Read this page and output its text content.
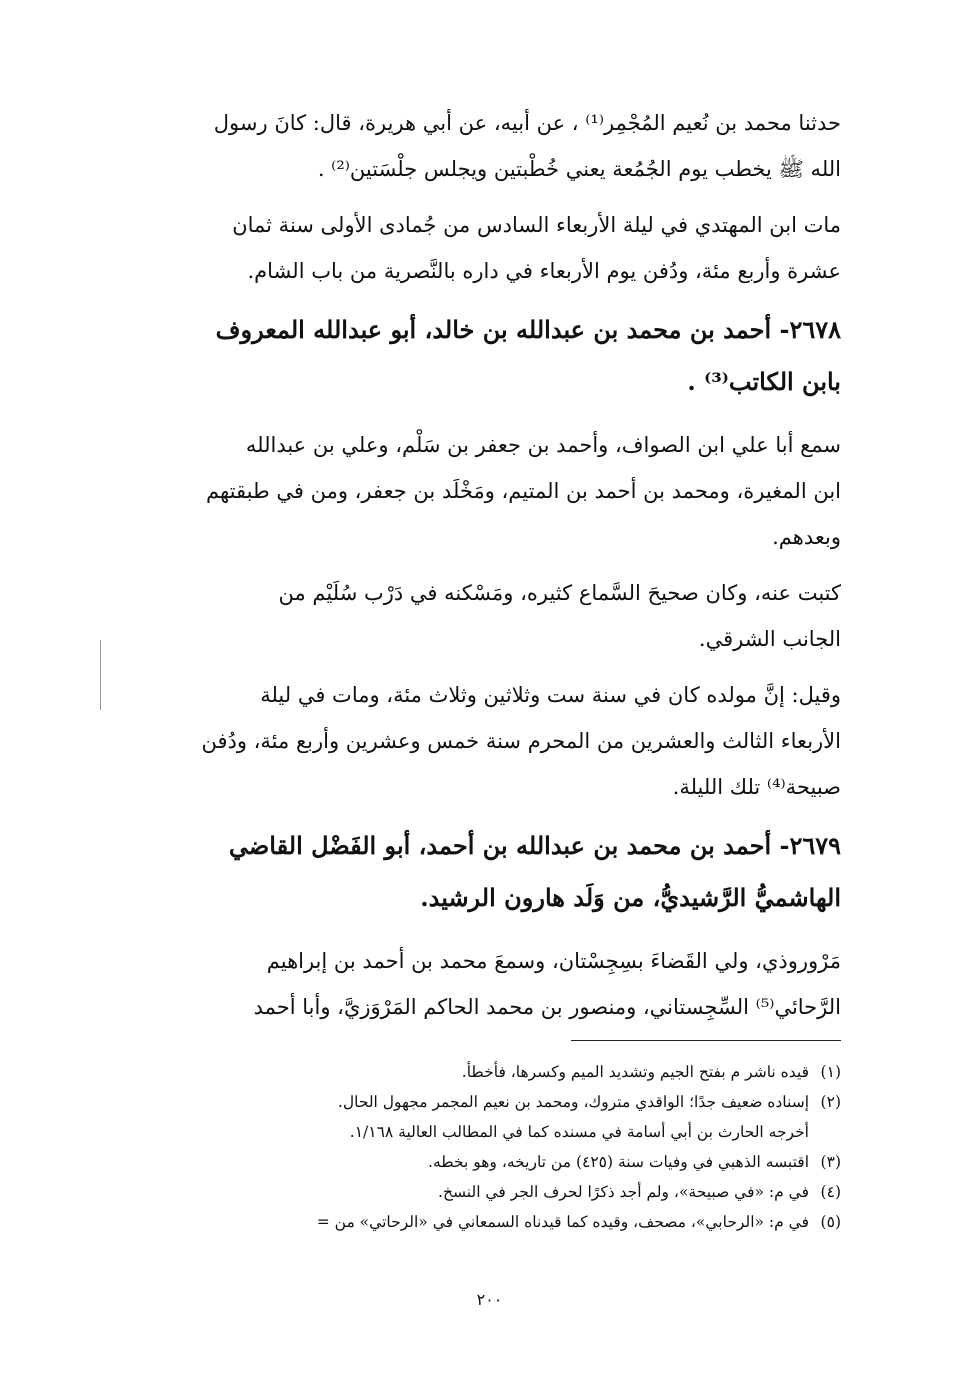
حدثنا محمد بن نُعيم المُجْمِر⁽¹⁾ ، عن أبيه، عن أبي هريرة، قال: كانَ رسول
الله ﷺ يخطب يوم الجُمُعة يعني خُطْبتين ويجلس جلْسَتين⁽²⁾ .

مات ابن المهتدي في ليلة الأربعاء السادس من جُمادى الأولى سنة ثمان
عشرة وأربع مئة، ودُفن يوم الأربعاء في داره بالنَّصرية من باب الشام.

٢٦٧٨- أحمد بن محمد بن عبدالله بن خالد، أبو عبدالله المعروف
بابن الكاتب⁽³⁾ .

سمع أبا علي ابن الصواف، وأحمد بن جعفر بن سَلْم، وعلي بن عبدالله
ابن المغيرة، ومحمد بن أحمد بن المتيم، ومَخْلَد بن جعفر، ومن في طبقتهم
وبعدهم.

كتبت عنه، وكان صحيحَ السَّماع كثيره، ومَسْكنه في دَرْب سُلَيْم من
الجانب الشرقي.

وقيل: إنَّ مولده كان في سنة ست وثلاثين وثلاث مئة، ومات في ليلة
الأربعاء الثالث والعشرين من المحرم سنة خمس وعشرين وأربع مئة، ودُفن
صبيحة⁽⁴⁾ تلك الليلة.

٢٦٧٩- أحمد بن محمد بن عبدالله بن أحمد، أبو الفَضْل القاضي
الهاشميُّ الرَّشيديُّ، من وَلَد هارون الرشيد.

مَرْوروذي، ولي القَضاءَ بسِجِسْتان، وسمعَ محمد بن أحمد بن إبراهيم
الرَّحائي⁽⁵⁾ السِّجِستاني، ومنصور بن محمد الحاكم المَرْوَزيَّ، وأبا أحمد

(١)
قيده ناشر م بفتح الجيم وتشديد الميم وكسرها، فأخطأ.
(٢)
إسناده ضعيف جدًا؛ الواقدي متروك، ومحمد بن نعيم المجمر مجهول الحال.
أخرجه الحارث بن أبي أسامة في مسنده كما في المطالب العالية ١/١٦٨.
(٣)
اقتبسه الذهبي في وفيات سنة (٤٢٥) من تاريخه، وهو بخطه.
(٤)
في م: «في صبيحة»، ولم أجد ذكرًا لحرف الجر في النسخ.
(٥)
في م: «الرحابي»، مصحف، وقيده كما قيدناه السمعاني في «الرحاتي» من =
٢٠٠
